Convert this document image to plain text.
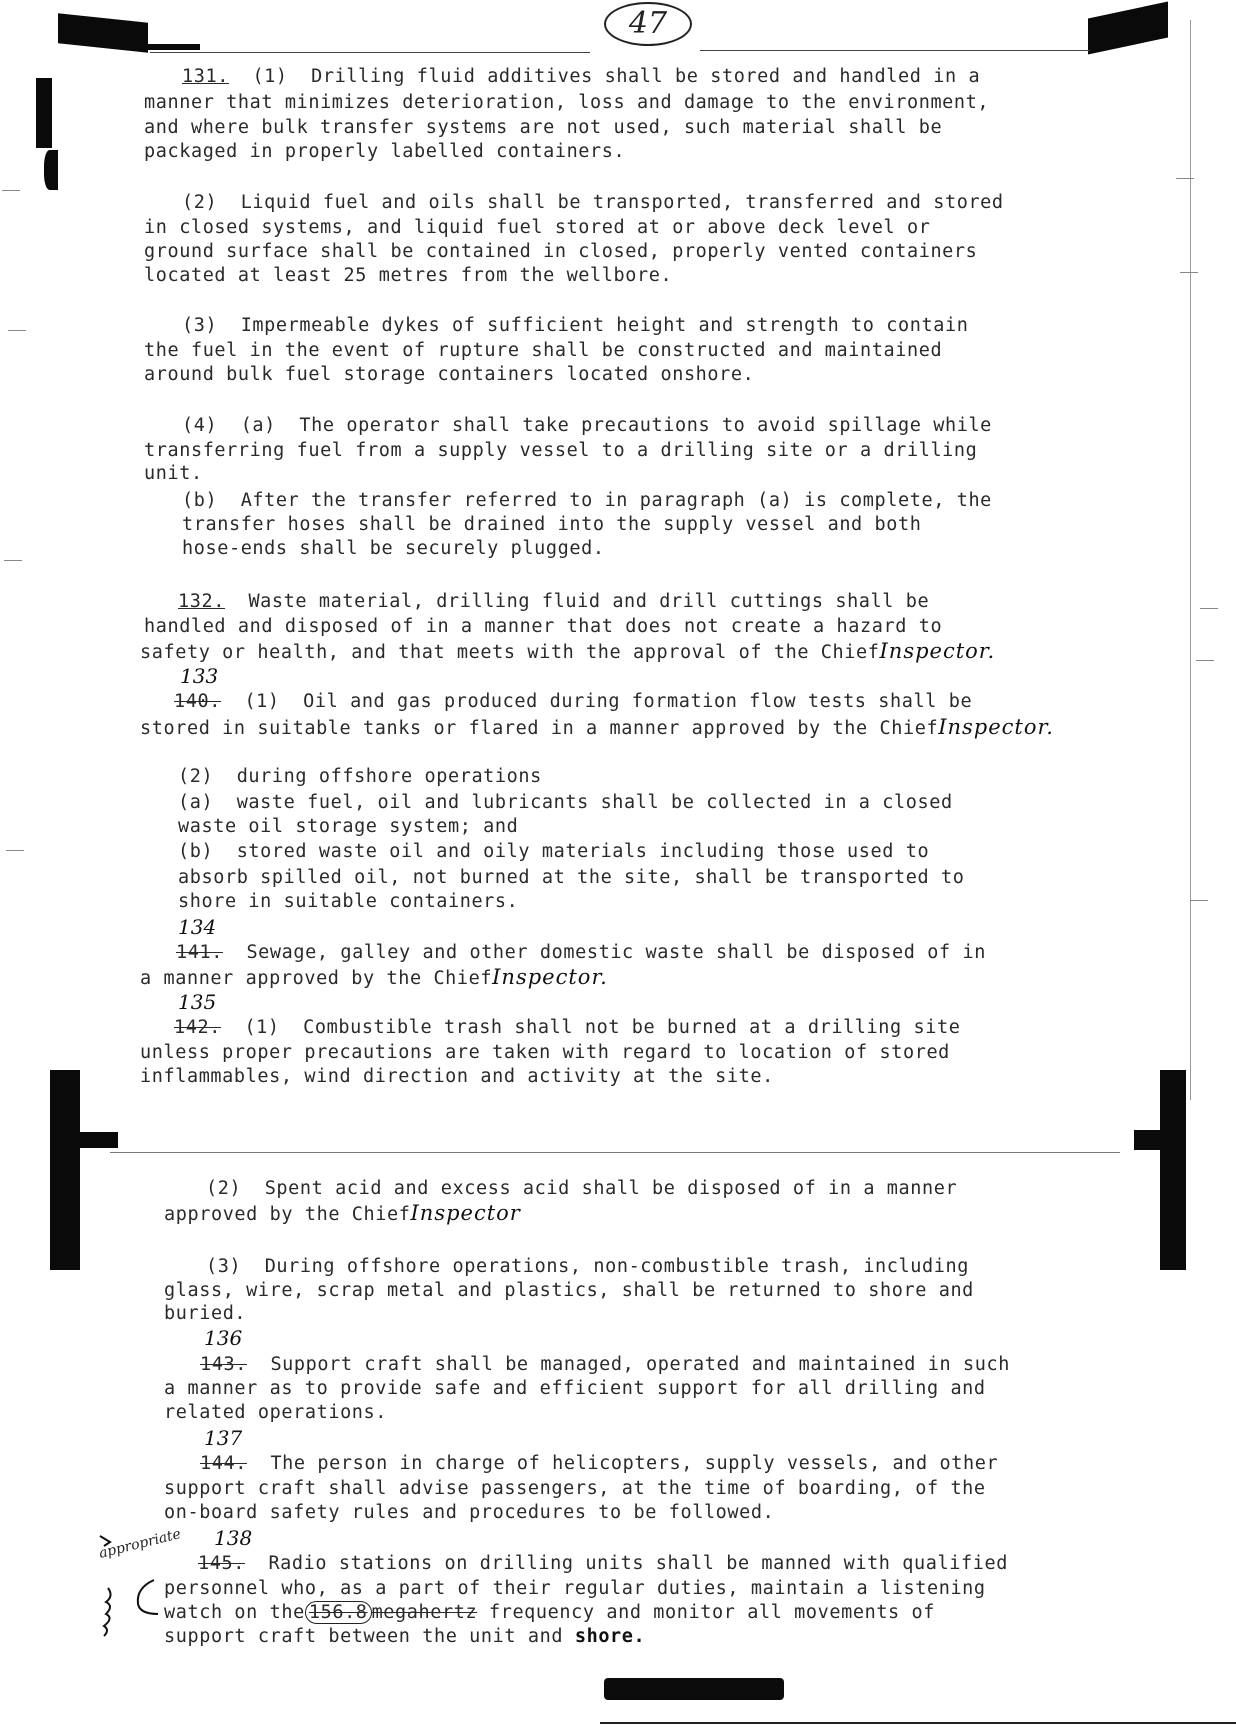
47
131. (1)  Drilling fluid additives shall be stored and handled in a
manner that minimizes deterioration, loss and damage to the environment,
and where bulk transfer systems are not used, such material shall be
packaged in properly labelled containers.
(2)  Liquid fuel and oils shall be transported, transferred and stored
in closed systems, and liquid fuel stored at or above deck level or
ground surface shall be contained in closed, properly vented containers
located at least 25 metres from the wellbore.
(3)  Impermeable dykes of sufficient height and strength to contain
the fuel in the event of rupture shall be constructed and maintained
around bulk fuel storage containers located onshore.
(4)  (a)  The operator shall take precautions to avoid spillage while
transferring fuel from a supply vessel to a drilling site or a drilling
unit.
(b)  After the transfer referred to in paragraph (a) is complete, the
transfer hoses shall be drained into the supply vessel and both
hose-ends shall be securely plugged.
132. Waste material, drilling fluid and drill cuttings shall be
handled and disposed of in a manner that does not create a hazard to
safety or health, and that meets with the approval of the ChiefInspector.
133
140. (1)  Oil and gas produced during formation flow tests shall be
stored in suitable tanks or flared in a manner approved by the ChiefInspector.
(2)  during offshore operations
(a)  waste fuel, oil and lubricants shall be collected in a closed
waste oil storage system; and
(b)  stored waste oil and oily materials including those used to
absorb spilled oil, not burned at the site, shall be transported to
shore in suitable containers.
134
141. Sewage, galley and other domestic waste shall be disposed of in
a manner approved by the ChiefInspector.
135
142. (1)  Combustible trash shall not be burned at a drilling site
unless proper precautions are taken with regard to location of stored
inflammables, wind direction and activity at the site.
(2)  Spent acid and excess acid shall be disposed of in a manner
approved by the ChiefInspector
(3)  During offshore operations, non-combustible trash, including
glass, wire, scrap metal and plastics, shall be returned to shore and
buried.
136
143. Support craft shall be managed, operated and maintained in such
a manner as to provide safe and efficient support for all drilling and
related operations.
137
144. The person in charge of helicopters, supply vessels, and other
support craft shall advise passengers, at the time of boarding, of the
on-board safety rules and procedures to be followed.
appropriate 138
145. Radio stations on drilling units shall be manned with qualified
personnel who, as a part of their regular duties, maintain a listening
watch on the 156.8 megahertz frequency and monitor all movements of
support craft between the unit and shore.
